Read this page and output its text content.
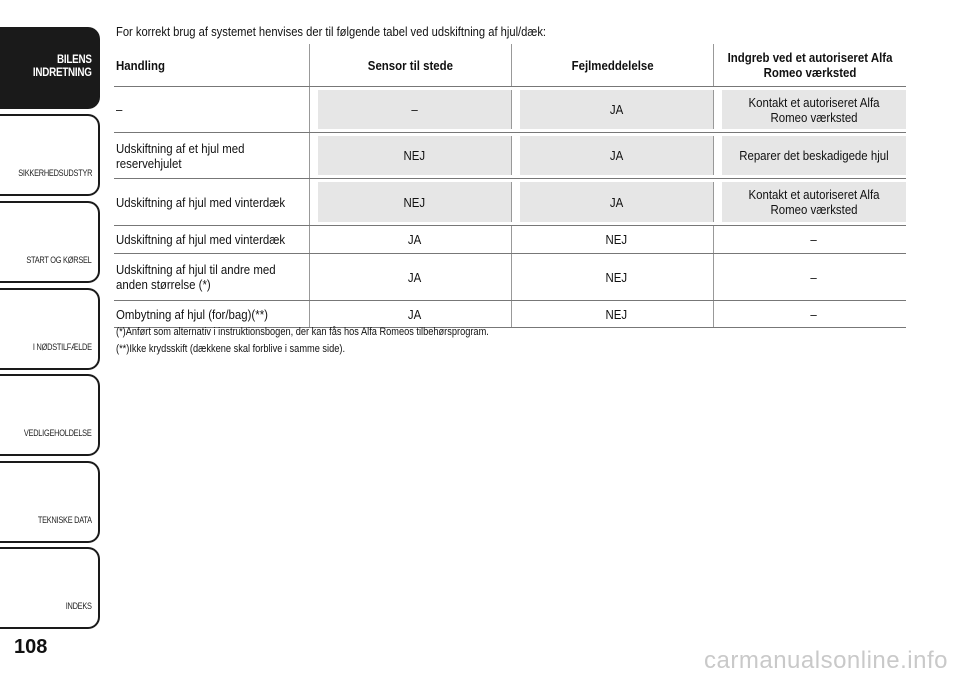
BILENS
INDRETNING
SIKKERHEDSUDSTYR
START OG KØRSEL
I NØDSTILFÆLDE
VEDLIGEHOLDELSE
TEKNISKE DATA
INDEKS
108
For korrekt brug af systemet henvises der til følgende tabel ved udskiftning af hjul/dæk:
Handling	Sensor til stede	Fejlmeddelelse	Indgreb ved et autoriseret Alfa Romeo værksted
–	–	JA	Kontakt et autoriseret Alfa Romeo værksted
Udskiftning af et hjul med reservehjulet	NEJ	JA	Reparer det beskadigede hjul
Udskiftning af hjul med vinterdæk	NEJ	JA	Kontakt et autoriseret Alfa Romeo værksted
Udskiftning af hjul med vinterdæk	JA	NEJ	–
Udskiftning af hjul til andre med anden størrelse (*)	JA	NEJ	–
Ombytning af hjul (for/bag)(**)	JA	NEJ	–
(*)Anført som alternativ i instruktionsbogen, der kan fås hos Alfa Romeos tilbehørsprogram.
(**)Ikke krydsskift (dækkene skal forblive i samme side).
carmanualsonline.info
